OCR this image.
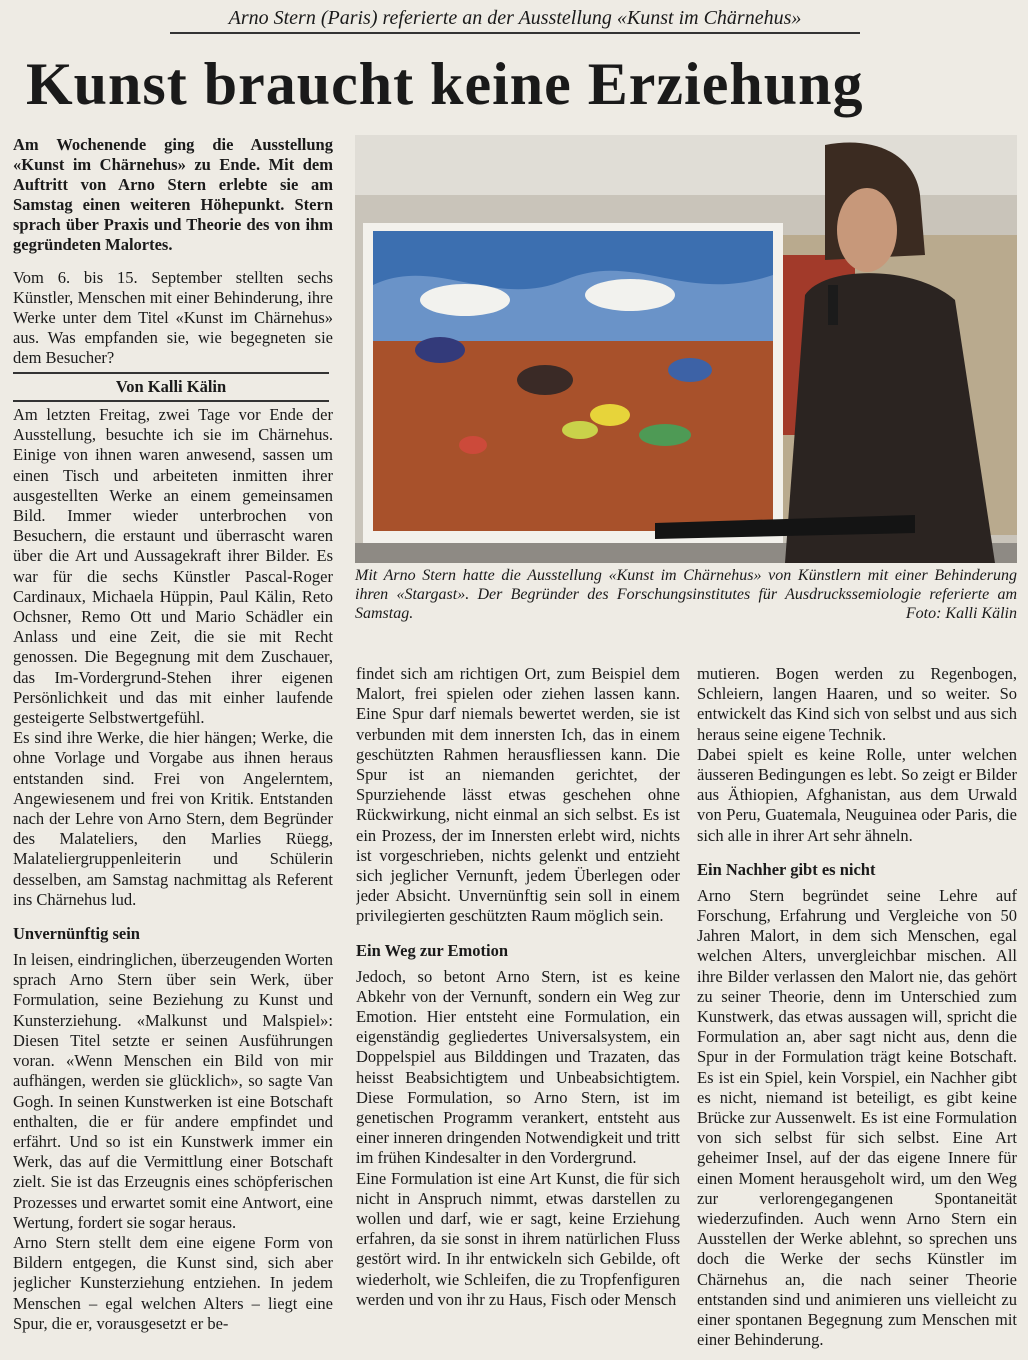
Arno Stern (Paris) referierte an der Ausstellung «Kunst im Chärnehus»
Kunst braucht keine Erziehung
Am Wochenende ging die Ausstellung «Kunst im Chärnehus» zu Ende. Mit dem Auftritt von Arno Stern erlebte sie am Samstag einen weiteren Höhepunkt. Stern sprach über Praxis und Theorie des von ihm gegründeten Malortes.
Vom 6. bis 15. September stellten sechs Künstler, Menschen mit einer Behinderung, ihre Werke unter dem Titel «Kunst im Chärnehus» aus. Was empfanden sie, wie begegneten sie dem Besucher?
Von Kalli Kälin
Mit Arno Stern hatte die Ausstellung «Kunst im Chärnehus» von Künstlern mit einer Behinderung ihren «Stargast». Der Begründer des Forschungsinstitutes für Ausdruckssemiologie referierte am Samstag.	Foto: Kalli Kälin

Am letzten Freitag, zwei Tage vor Ende der Ausstellung, besuchte ich sie im Chärnehus. Einige von ihnen waren anwesend, sassen um einen Tisch und arbeiteten inmitten ihrer ausgestellten Werke an einem gemeinsamen Bild. Immer wieder unterbrochen von Besuchern, die erstaunt und überrascht waren über die Art und Aussagekraft ihrer Bilder. Es war für die sechs Künstler Pascal-Roger Cardinaux, Michaela Hüppin, Paul Kälin, Reto Ochsner, Remo Ott und Mario Schädler ein Anlass und eine Zeit, die sie mit Recht genossen. Die Begegnung mit dem Zuschauer, das Im-Vordergrund-Stehen ihrer eigenen Persönlichkeit und das mit einher laufende gesteigerte Selbstwertgefühl.

Es sind ihre Werke, die hier hängen; Werke, die ohne Vorlage und Vorgabe aus ihnen heraus entstanden sind. Frei von Angelerntem, Angewiesenem und frei von Kritik. Entstanden nach der Lehre von Arno Stern, dem Begründer des Malateliers, den Marlies Rüegg, Malateliergruppenleiterin und Schülerin desselben, am Samstag nachmittag als Referent ins Chärnehus lud.

Unvernünftig sein

In leisen, eindringlichen, überzeugenden Worten sprach Arno Stern über sein Werk, über Formulation, seine Beziehung zu Kunst und Kunsterziehung. «Malkunst und Malspiel»: Diesen Titel setzte er seinen Ausführungen voran. «Wenn Menschen ein Bild von mir aufhängen, werden sie glücklich», so sagte Van Gogh. In seinen Kunstwerken ist eine Botschaft enthalten, die er für andere empfindet und erfährt. Und so ist ein Kunstwerk immer ein Werk, das auf die Vermittlung einer Botschaft zielt. Sie ist das Erzeugnis eines schöpferischen Prozesses und erwartet somit eine Antwort, eine Wertung, fordert sie sogar heraus.

Arno Stern stellt dem eine eigene Form von Bildern entgegen, die Kunst sind, sich aber jeglicher Kunsterziehung entziehen. In jedem Menschen – egal welchen Alters – liegt eine Spur, die er, vorausgesetzt er be-

findet sich am richtigen Ort, zum Beispiel dem Malort, frei spielen oder ziehen lassen kann. Eine Spur darf niemals bewertet werden, sie ist verbunden mit dem innersten Ich, das in einem geschützten Rahmen herausfliessen kann. Die Spur ist an niemanden gerichtet, der Spurziehende lässt etwas geschehen ohne Rückwirkung, nicht einmal an sich selbst. Es ist ein Prozess, der im Innersten erlebt wird, nichts ist vorgeschrieben, nichts gelenkt und entzieht sich jeglicher Vernunft, jedem Überlegen oder jeder Absicht. Unvernünftig sein soll in einem privilegierten geschützten Raum möglich sein.

Ein Weg zur Emotion

Jedoch, so betont Arno Stern, ist es keine Abkehr von der Vernunft, sondern ein Weg zur Emotion. Hier entsteht eine Formulation, ein eigenständig gegliedertes Universalsystem, ein Doppelspiel aus Bilddingen und Trazaten, das heisst Beabsichtigtem und Unbeabsichtigtem. Diese Formulation, so Arno Stern, ist im genetischen Programm verankert, entsteht aus einer inneren dringenden Notwendigkeit und tritt im frühen Kindesalter in den Vordergrund.

Eine Formulation ist eine Art Kunst, die für sich nicht in Anspruch nimmt, etwas darstellen zu wollen und darf, wie er sagt, keine Erziehung erfahren, da sie sonst in ihrem natürlichen Fluss gestört wird. In ihr entwickeln sich Gebilde, oft wiederholt, wie Schleifen, die zu Tropfenfiguren werden und von ihr zu Haus, Fisch oder Mensch

mutieren. Bogen werden zu Regenbogen, Schleiern, langen Haaren, und so weiter. So entwickelt das Kind sich von selbst und aus sich heraus seine eigene Technik.

Dabei spielt es keine Rolle, unter welchen äusseren Bedingungen es lebt. So zeigt er Bilder aus Äthiopien, Afghanistan, aus dem Urwald von Peru, Guatemala, Neuguinea oder Paris, die sich alle in ihrer Art sehr ähneln.

Ein Nachher gibt es nicht

Arno Stern begründet seine Lehre auf Forschung, Erfahrung und Vergleiche von 50 Jahren Malort, in dem sich Menschen, egal welchen Alters, unvergleichbar mischen. All ihre Bilder verlassen den Malort nie, das gehört zu seiner Theorie, denn im Unterschied zum Kunstwerk, das etwas aussagen will, spricht die Formulation an, aber sagt nicht aus, denn die Spur in der Formulation trägt keine Botschaft. Es ist ein Spiel, kein Vorspiel, ein Nachher gibt es nicht, niemand ist beteiligt, es gibt keine Brücke zur Aussenwelt. Es ist eine Formulation von sich selbst für sich selbst. Eine Art geheimer Insel, auf der das eigene Innere für einen Moment herausgeholt wird, um den Weg zur verlorengegangenen Spontaneität wiederzufinden. Auch wenn Arno Stern ein Ausstellen der Werke ablehnt, so sprechen uns doch die Werke der sechs Künstler im Chärnehus an, die nach seiner Theorie entstanden sind und animieren uns vielleicht zu einer spontanen Begegnung zum Menschen mit einer Behinderung.
